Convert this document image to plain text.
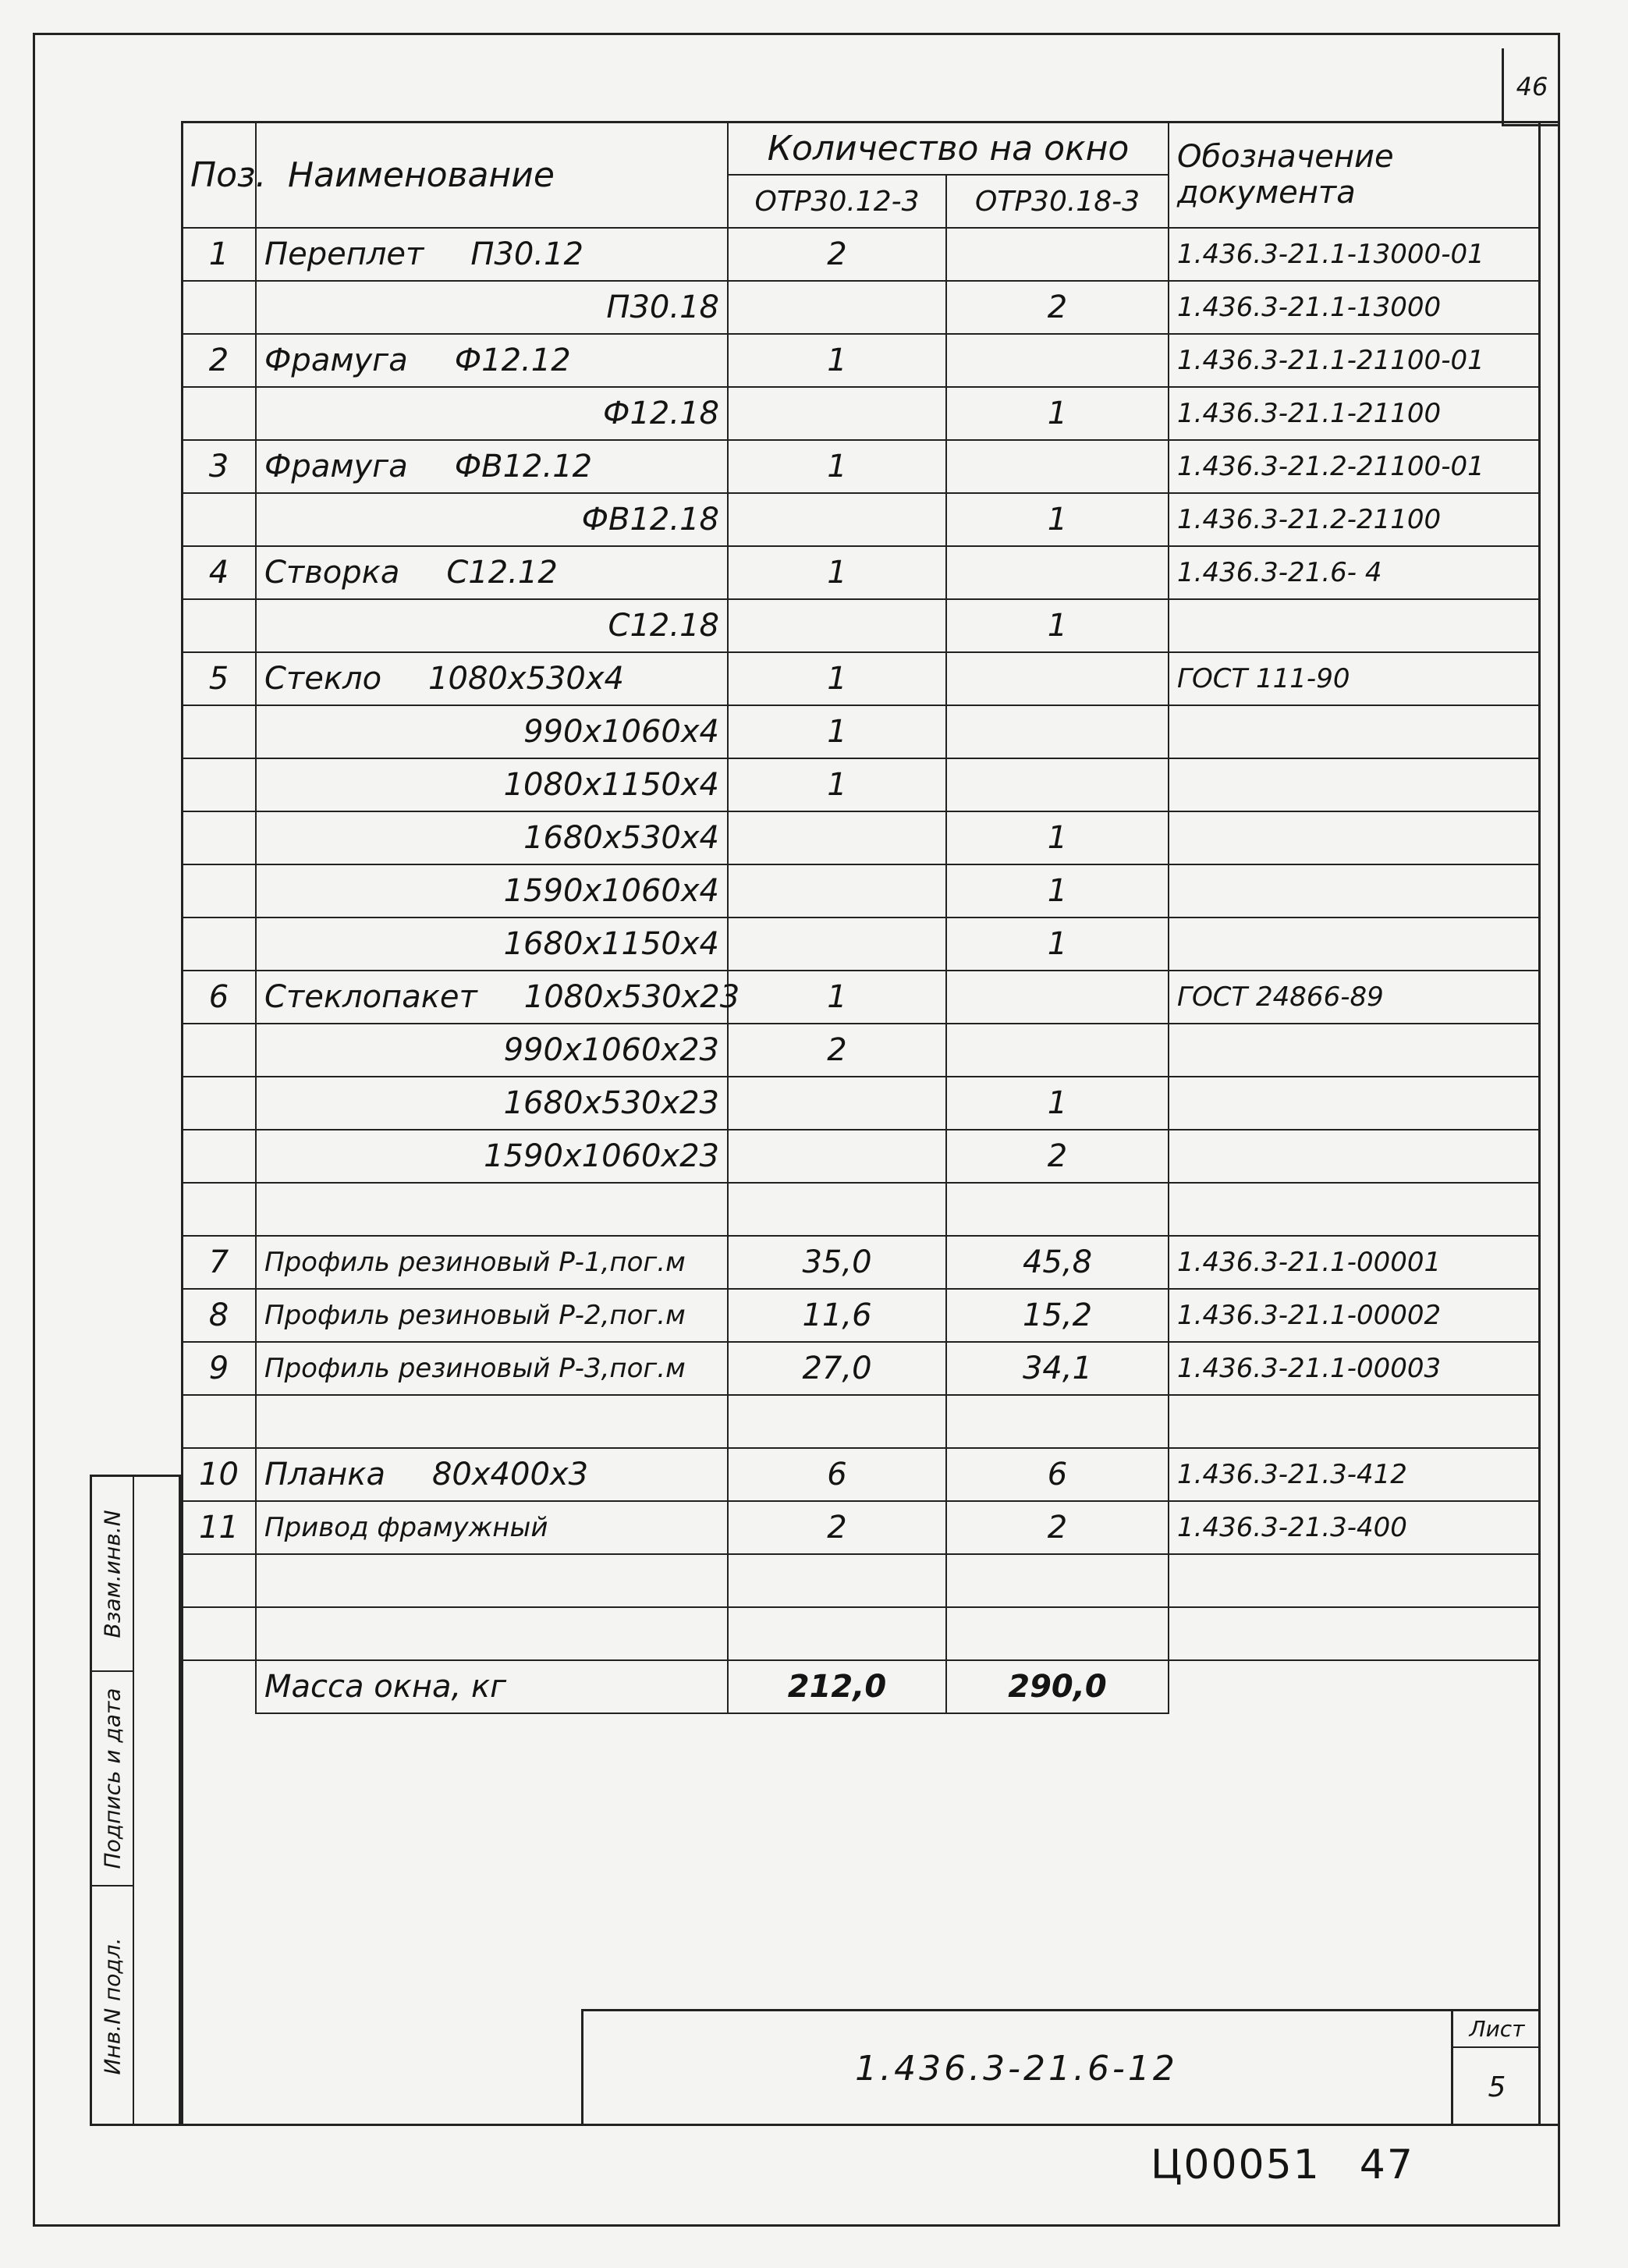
46
Поз.	Наименование	Количество на окно		Обозначение документа
		ОТР30.12-3	ОТР30.18-3	
1	Переплет П30.12	2		1.436.3-21.1-13000-01
	П30.18		2	1.436.3-21.1-13000
2	Фрамуга Ф12.12	1		1.436.3-21.1-21100-01
	Ф12.18		1	1.436.3-21.1-21100
3	Фрамуга ФВ12.12	1		1.436.3-21.2-21100-01
	ФВ12.18		1	1.436.3-21.2-21100
4	Створка С12.12	1		1.436.3-21.6- 4
	С12.18		1	
5	Стекло 1080x530x4	1		ГОСТ 111-90
	990x1060x4	1		
	1080x1150x4	1		
	1680x530x4		1	
	1590x1060x4		1	
	1680x1150x4		1	
6	Стеклопакет 1080x530x23	1		ГОСТ 24866-89
	990x1060x23	2		
	1680x530x23		1	
	1590x1060x23		2	

7	Профиль резиновый Р-1,пог.м	35,0	45,8	1.436.3-21.1-00001
8	Профиль резиновый Р-2,пог.м	11,6	15,2	1.436.3-21.1-00002
9	Профиль резиновый Р-3,пог.м	27,0	34,1	1.436.3-21.1-00003

10	Планка 80x400x3	6	6	1.436.3-21.3-412
11	Привод фрамужный	2	2	1.436.3-21.3-400

	Масса окна, кг	212,0	290,0	
Взам.инв.N
Подпись и дата
Инв.N подл.	1.436.3-21.6-12
Лист
5
Ц00051 47
